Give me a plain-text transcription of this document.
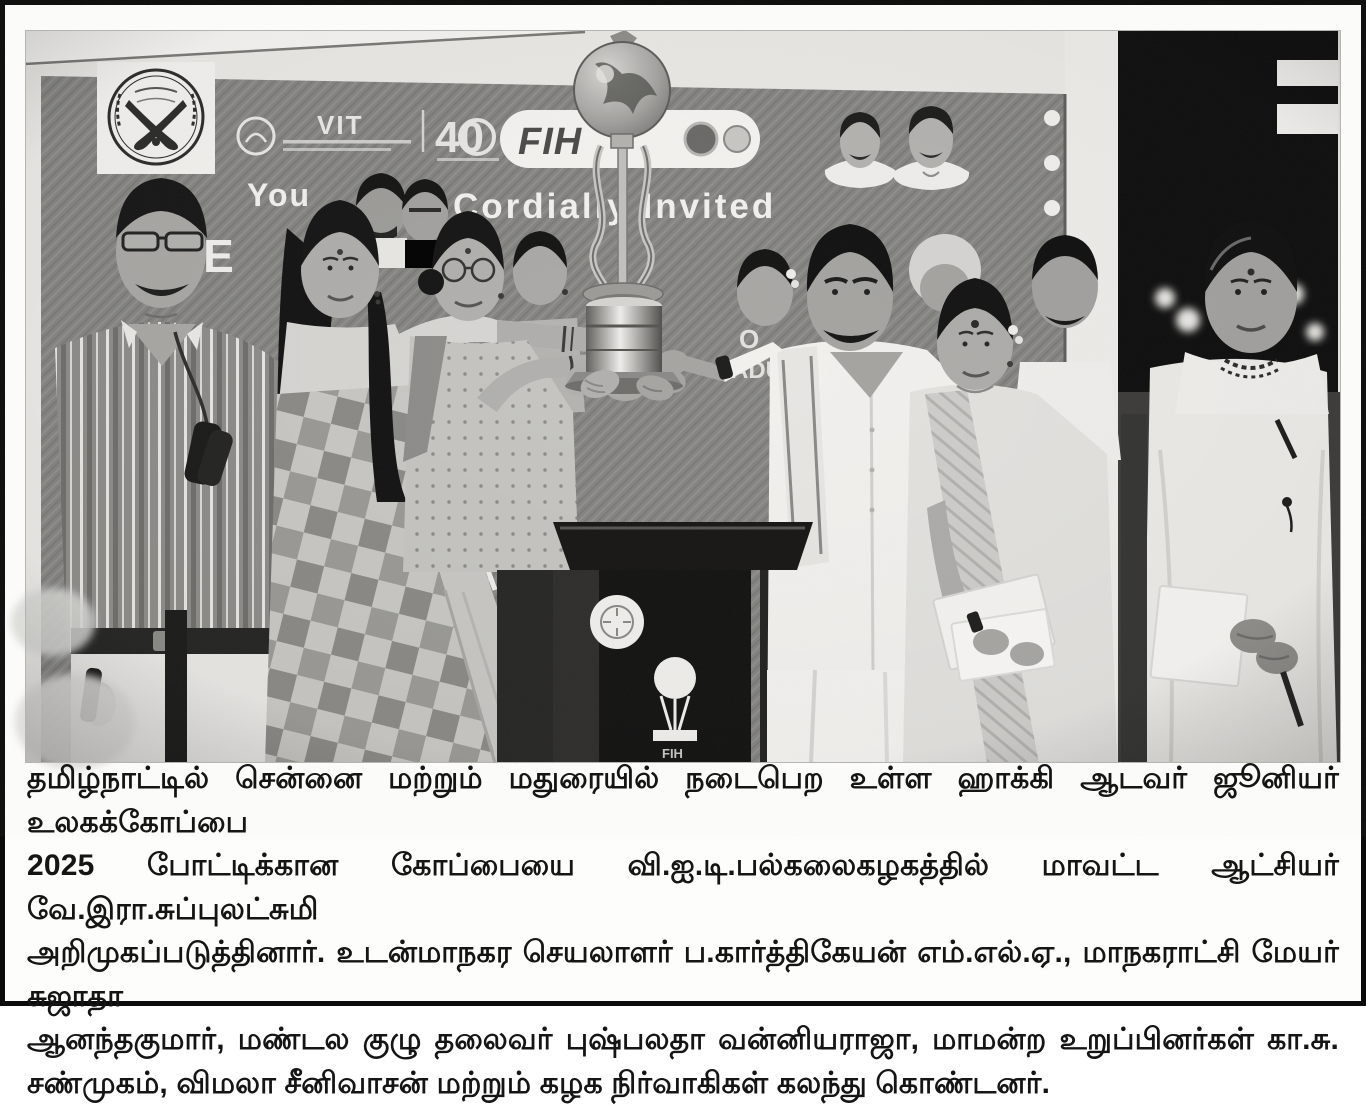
தமிழ்நாட்டில் சென்னை மற்றும் மதுரையில் நடைபெற உள்ள ஹாக்கி ஆடவர் ஜூனியர் உலகக்கோப்பை
2025 போட்டிக்கான கோப்பையை வி.ஐ.டி.பல்கலைகழகத்தில் மாவட்ட ஆட்சியர் வே.இரா.சுப்புலட்சுமி
அறிமுகப்படுத்தினார். உடன்மாநகர செயலாளர் ப.கார்த்திகேயன் எம்.எல்.ஏ., மாநகராட்சி மேயர் சுஜாதா
ஆனந்தகுமார், மண்டல குழு தலைவர் புஷ்பலதா வன்னியராஜா, மாமன்ற உறுப்பினர்கள் கா.சு.
சண்முகம், விமலா சீனிவாசன் மற்றும் கழக நிர்வாகிகள் கலந்து கொண்டனர்.
